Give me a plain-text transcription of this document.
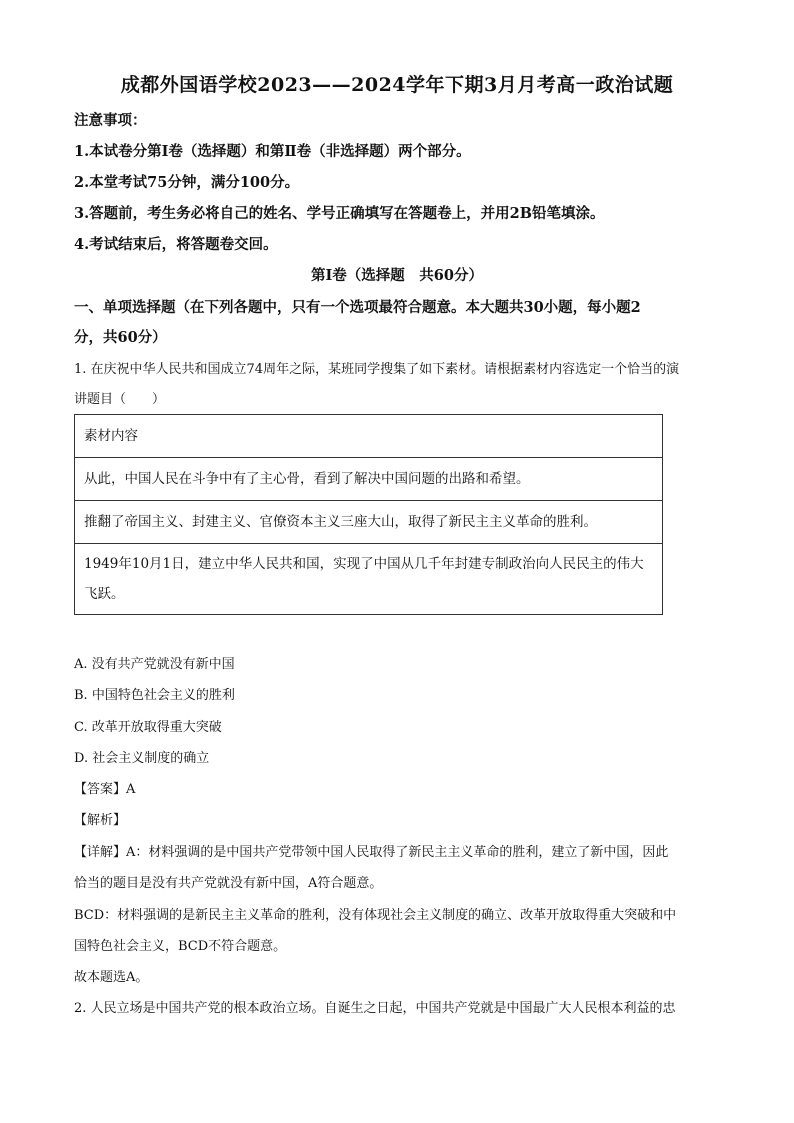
成都外国语学校2023——2024学年下期3月月考高一政治试题
注意事项：
1.本试卷分第Ⅰ卷（选择题）和第Ⅱ卷（非选择题）两个部分。
2.本堂考试75分钟，满分100分。
3.答题前，考生务必将自己的姓名、学号正确填写在答题卷上，并用2B铅笔填涂。
4.考试结束后，将答题卷交回。
第Ⅰ卷（选择题　共60分）
一、单项选择题（在下列各题中，只有一个选项最符合题意。本大题共30小题，每小题2
分，共60分）
1. 在庆祝中华人民共和国成立74周年之际，某班同学搜集了如下素材。请根据素材内容选定一个恰当的演
讲题目（　　）
素材内容
从此，中国人民在斗争中有了主心骨，看到了解决中国问题的出路和希望。
推翻了帝国主义、封建主义、官僚资本主义三座大山，取得了新民主主义革命的胜利。
1949年10月1日，建立中华人民共和国，实现了中国从几千年封建专制政治向人民民主的伟大飞跃。
A. 没有共产党就没有新中国
B. 中国特色社会主义的胜利
C. 改革开放取得重大突破
D. 社会主义制度的确立
【答案】A
【解析】
【详解】A：材料强调的是中国共产党带领中国人民取得了新民主主义革命的胜利，建立了新中国，因此
恰当的题目是没有共产党就没有新中国，A符合题意。
BCD：材料强调的是新民主主义革命的胜利，没有体现社会主义制度的确立、改革开放取得重大突破和中
国特色社会主义，BCD不符合题意。
故本题选A。
2. 人民立场是中国共产党的根本政治立场。自诞生之日起，中国共产党就是中国最广大人民根本利益的忠
